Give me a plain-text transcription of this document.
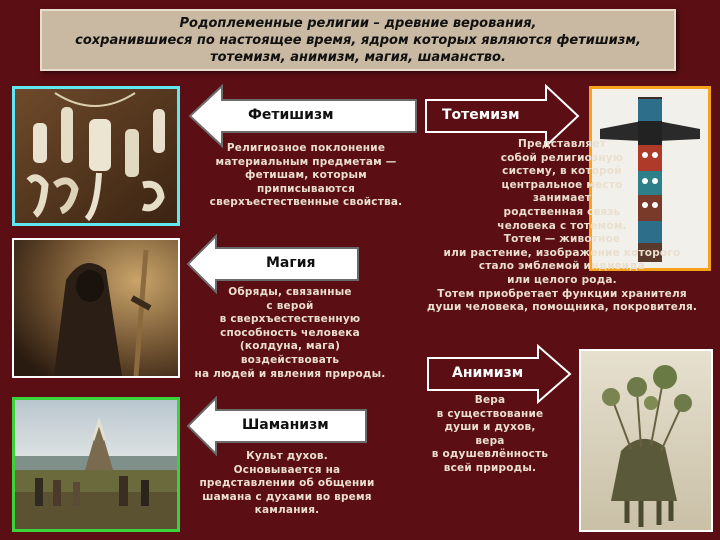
Родоплеменные религии – древние верования,
сохранившиеся по настоящее время, ядром которых являются фетишизм,
тотемизм, анимизм, магия, шаманство.
Фетишизм
Религиозное поклонение
материальным предметам —
фетишам, которым
приписываются
сверхъестественные свойства.
Тотемизм
Представляет
собой религиозную
систему, в которой
центральное место
занимает
родственная связь
человека с тотемом.
Тотем — животное
или растение, изображение которого
стало эмблемой индивида
или целого рода.
Тотем приобретает функции хранителя
души человека, помощника, покровителя.
Магия
Обряды, связанные
с верой
в сверхъестественную
способность человека
(колдуна, мага)
воздействовать
на людей и явления природы.	Анимизм
Вера
в существование
души и духов,
вера
в одушевлённость
всей природы.
Шаманизм
Культ духов.
Основывается на
представлении об общении
шамана с духами во время
камлания.
